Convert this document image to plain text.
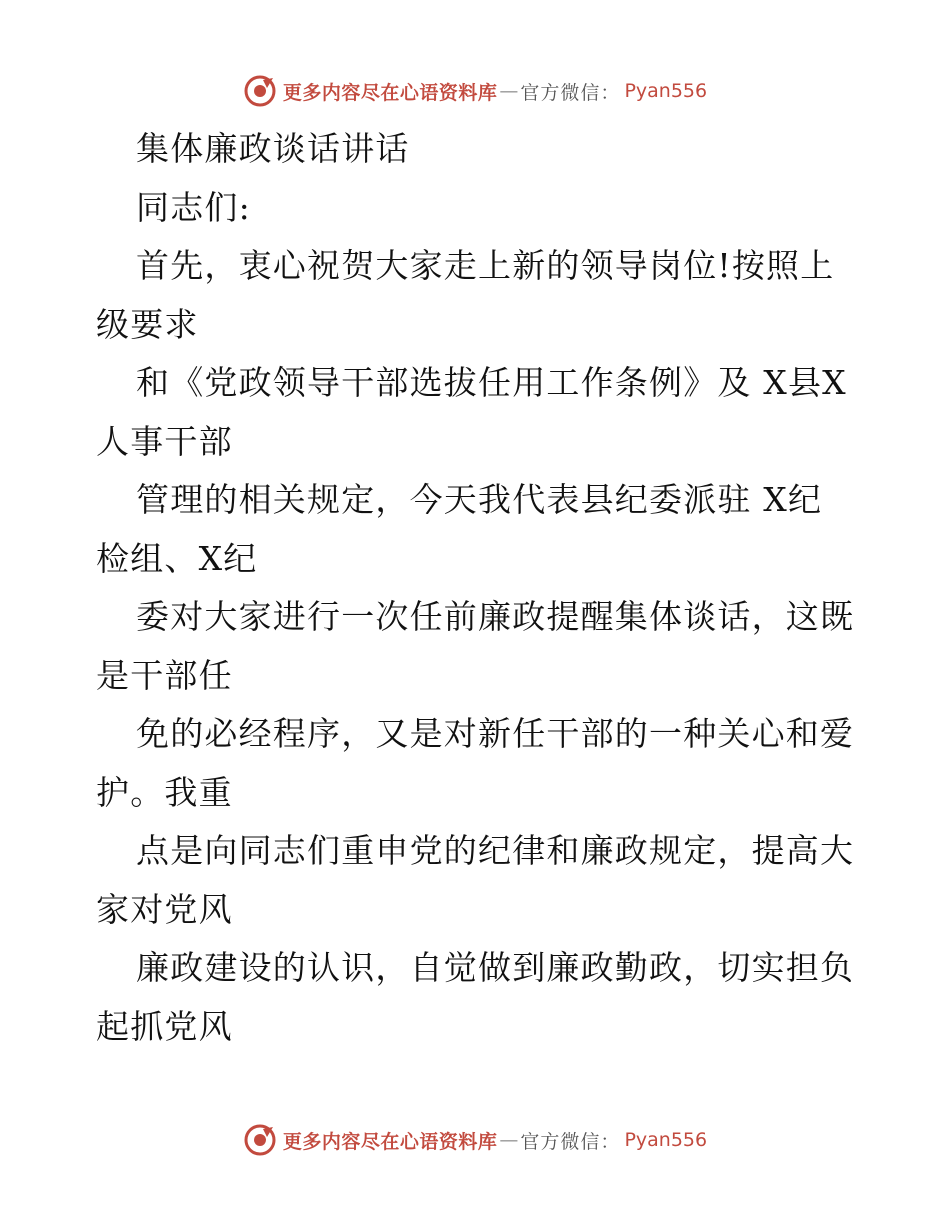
更多内容尽在心语资料库 — 官方微信： Pyan556
集体廉政谈话讲话
同志们:
首先，衷心祝贺大家走上新的领导岗位!按照上
级要求
和《党政领导干部选拔任用工作条例》及 X县X
人事干部
管理的相关规定，今天我代表县纪委派驻 X纪
检组、X纪
委对大家进行一次任前廉政提醒集体谈话，这既
是干部任
免的必经程序，又是对新任干部的一种关心和爱
护。我重
点是向同志们重申党的纪律和廉政规定，提高大
家对党风
廉政建设的认识，自觉做到廉政勤政，切实担负
起抓党风
更多内容尽在心语资料库 — 官方微信： Pyan556
